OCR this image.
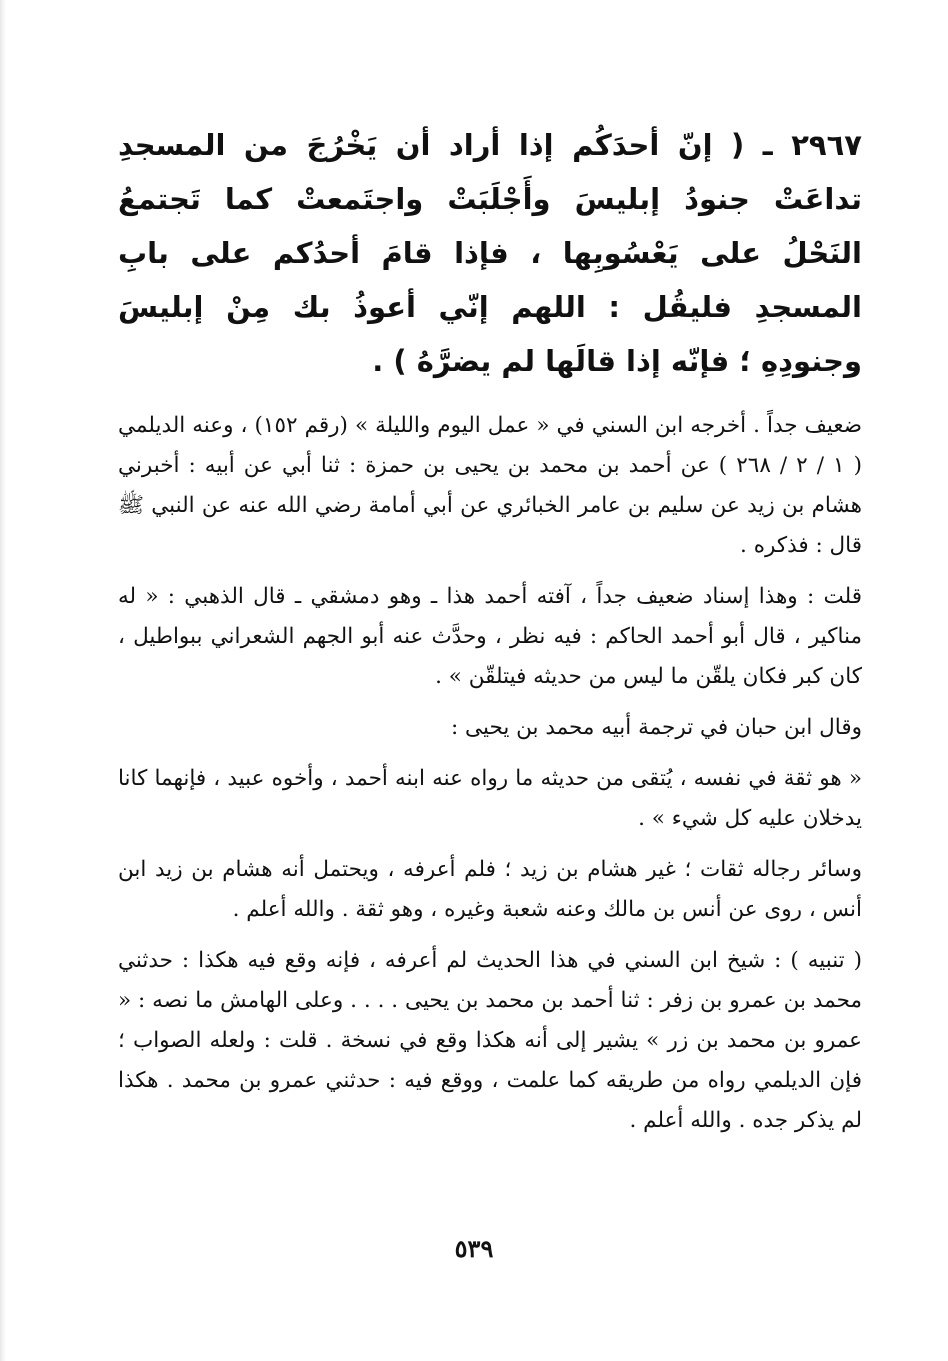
٢٩٦٧ ـ ( إنّ أحدَكُم إذا أراد أن يَخْرُجَ من المسجدِ تداعَتْ جنودُ إبليسَ وأَجْلَبَتْ واجتَمعتْ كما تَجتمعُ النَحْلُ على يَعْسُوبِها ، فإذا قامَ أحدُكم على بابِ المسجدِ فليقُل : اللهم إنّي أعوذُ بك مِنْ إبليسَ وجنودِهِ ؛ فإنّه إذا قالَها لم يضرَّهُ ) .

ضعيف جداً . أخرجه ابن السني في « عمل اليوم والليلة » (رقم ١٥٢) ، وعنه الديلمي ( ١ / ٢ / ٢٦٨ ) عن أحمد بن محمد بن يحيى بن حمزة : ثنا أبي عن أبيه : أخبرني هشام بن زيد عن سليم بن عامر الخبائري عن أبي أمامة رضي الله عنه عن النبي ﷺ قال : فذكره .

قلت : وهذا إسناد ضعيف جداً ، آفته أحمد هذا ـ وهو دمشقي ـ قال الذهبي : « له مناكير ، قال أبو أحمد الحاكم : فيه نظر ، وحدَّث عنه أبو الجهم الشعراني ببواطيل ، كان كبر فكان يلقّن ما ليس من حديثه فيتلقّن » .

وقال ابن حبان في ترجمة أبيه محمد بن يحيى :

« هو ثقة في نفسه ، يُتقى من حديثه ما رواه عنه ابنه أحمد ، وأخوه عبيد ، فإنهما كانا يدخلان عليه كل شيء » .

وسائر رجاله ثقات ؛ غير هشام بن زيد ؛ فلم أعرفه ، ويحتمل أنه هشام بن زيد ابن أنس ، روى عن أنس بن مالك وعنه شعبة وغيره ، وهو ثقة . والله أعلم .

( تنبيه ) : شيخ ابن السني في هذا الحديث لم أعرفه ، فإنه وقع فيه هكذا : حدثني محمد بن عمرو بن زفر : ثنا أحمد بن محمد بن يحيى . . . . وعلى الهامش ما نصه : « عمرو بن محمد بن زر » يشير إلى أنه هكذا وقع في نسخة . قلت : ولعله الصواب ؛ فإن الديلمي رواه من طريقه كما علمت ، ووقع فيه : حدثني عمرو بن محمد . هكذا لم يذكر جده . والله أعلم .

٥٣٩
